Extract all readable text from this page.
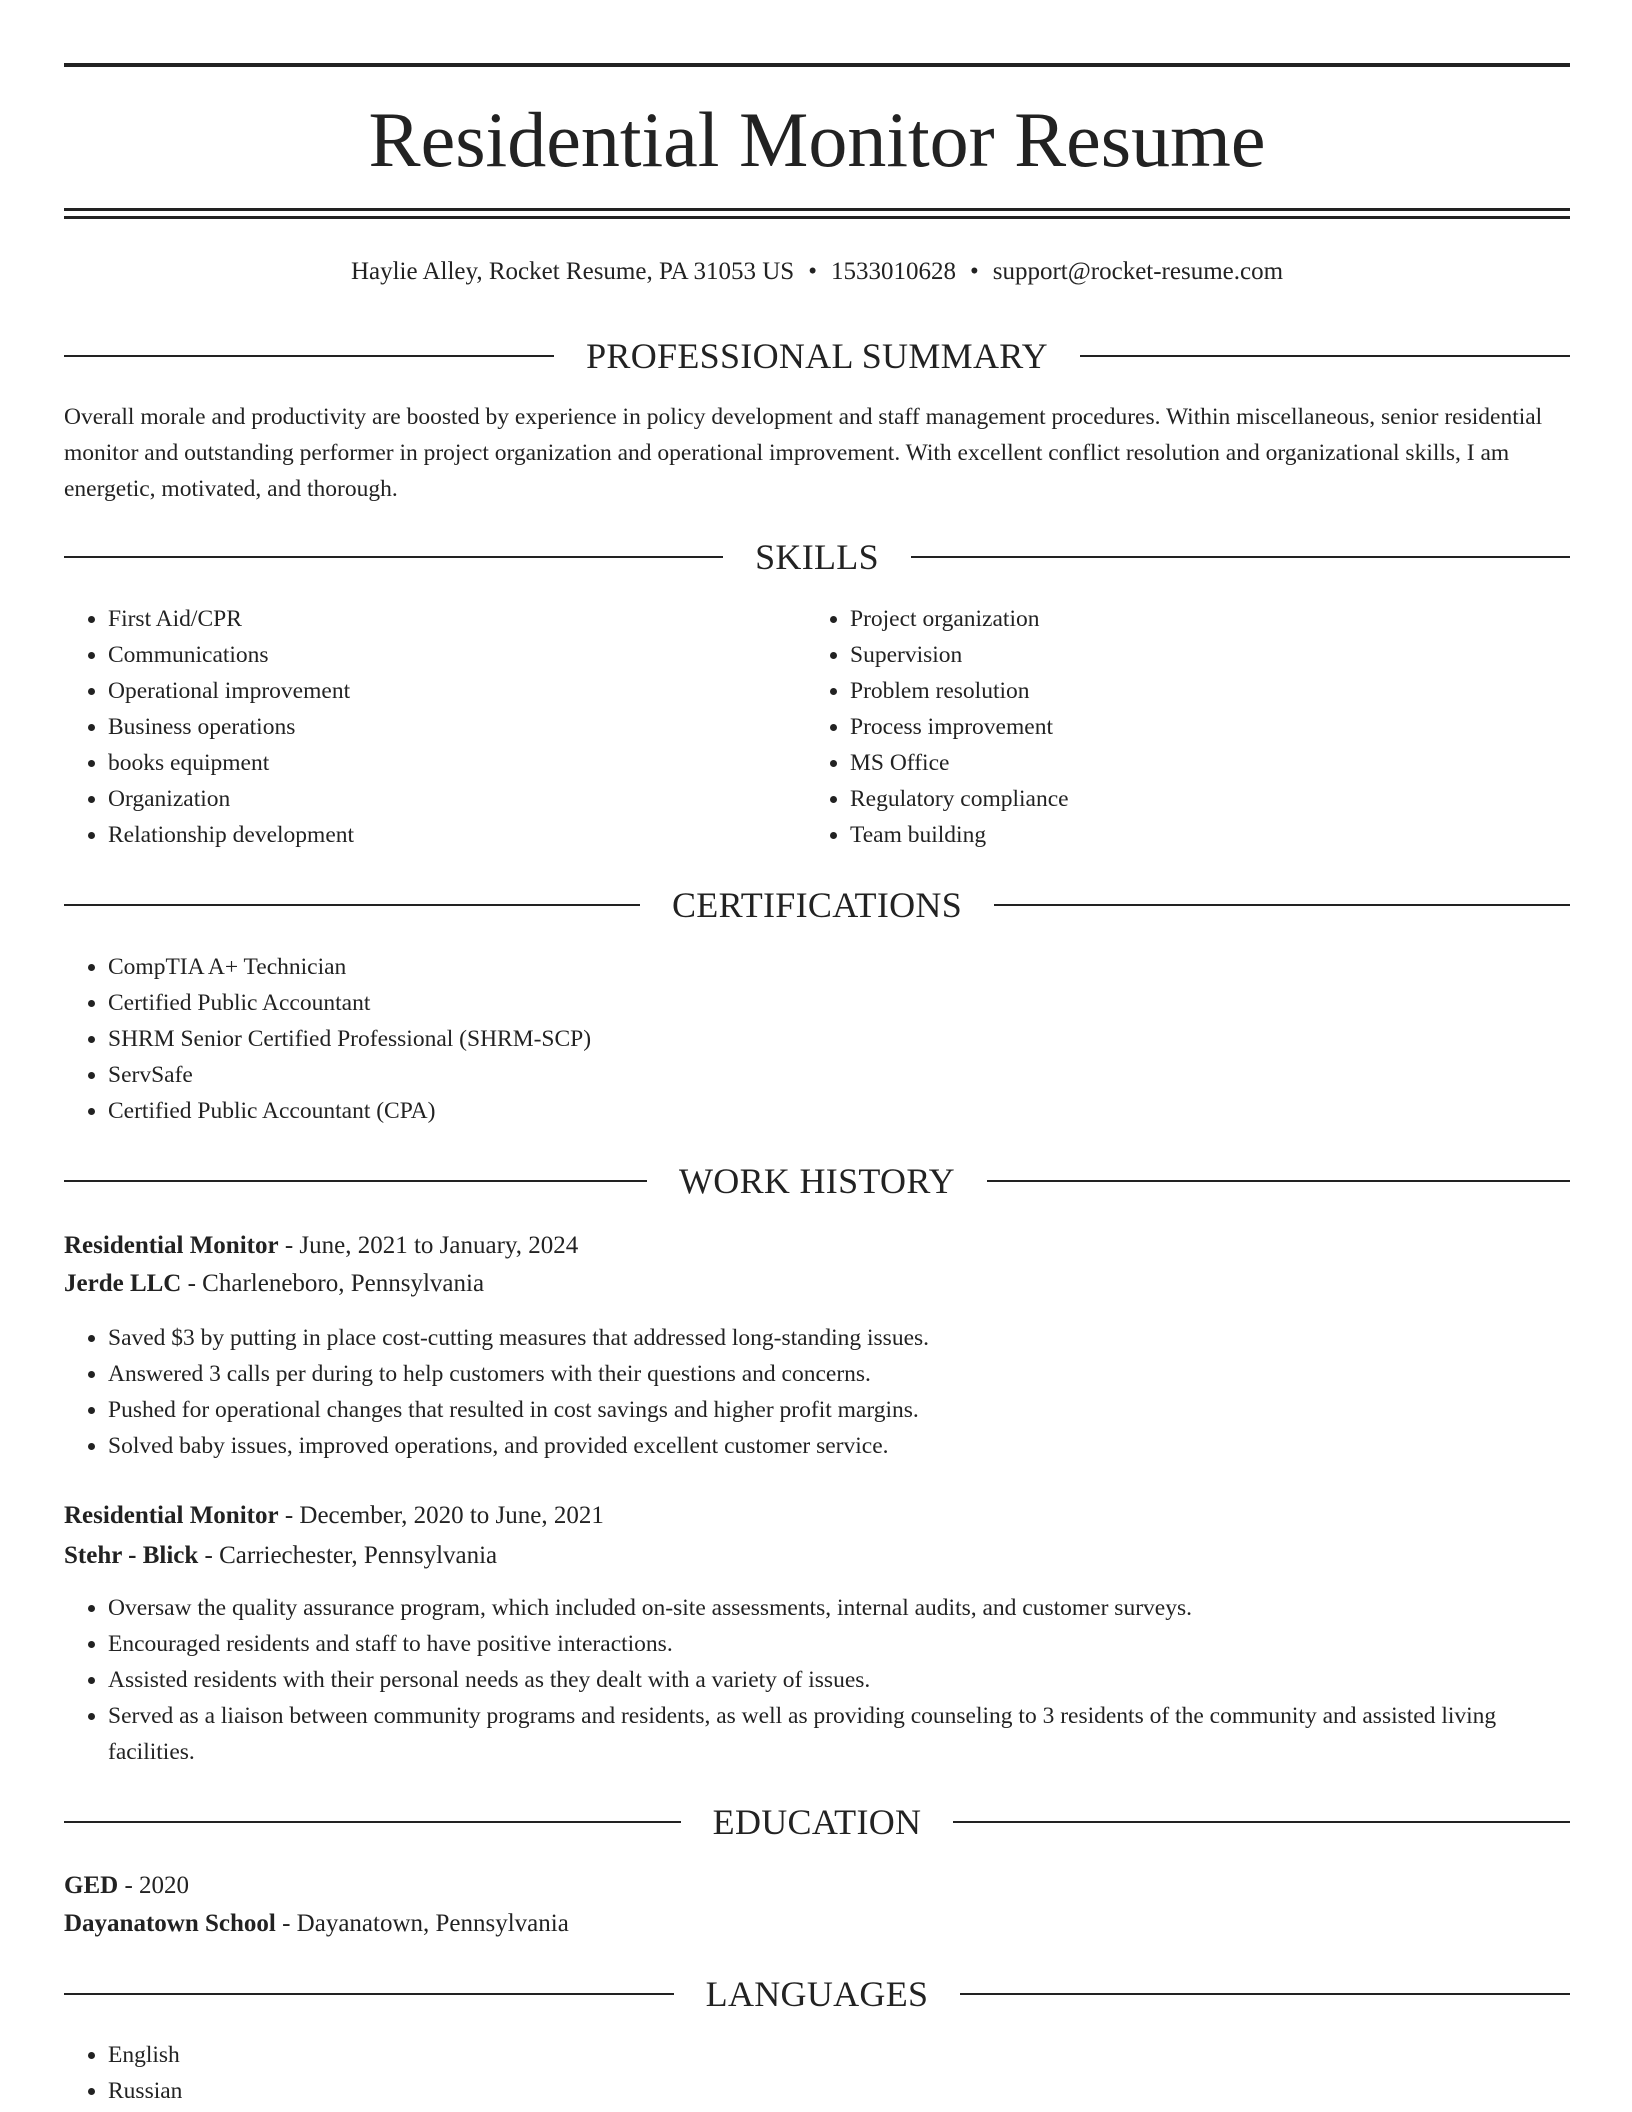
Residential Monitor Resume
Haylie Alley, Rocket Resume, PA 31053 US • 1533010628 • support@rocket-resume.com
PROFESSIONAL SUMMARY

Overall morale and productivity are boosted by experience in policy development and staff management procedures. Within miscellaneous, senior residential monitor and outstanding performer in project organization and operational improvement. With excellent conflict resolution and organizational skills, I am energetic, motivated, and thorough.

SKILLS
• First Aid/CPR
• Communications
• Operational improvement
• Business operations
• books equipment
• Organization
• Relationship development
• Project organization
• Supervision
• Problem resolution
• Process improvement
• MS Office
• Regulatory compliance
• Team building
CERTIFICATIONS
• CompTIA A+ Technician
• Certified Public Accountant
• SHRM Senior Certified Professional (SHRM-SCP)
• ServSafe
• Certified Public Accountant (CPA)
WORK HISTORY
Residential Monitor - June, 2021 to January, 2024
Jerde LLC - Charleneboro, Pennsylvania
• Saved $3 by putting in place cost-cutting measures that addressed long-standing issues.
• Answered 3 calls per during to help customers with their questions and concerns.
• Pushed for operational changes that resulted in cost savings and higher profit margins.
• Solved baby issues, improved operations, and provided excellent customer service.
Residential Monitor - December, 2020 to June, 2021
Stehr - Blick - Carriechester, Pennsylvania
• Oversaw the quality assurance program, which included on-site assessments, internal audits, and customer surveys.
• Encouraged residents and staff to have positive interactions.
• Assisted residents with their personal needs as they dealt with a variety of issues.
• Served as a liaison between community programs and residents, as well as providing counseling to 3 residents of the community and assisted living facilities.
EDUCATION
GED - 2020
Dayanatown School - Dayanatown, Pennsylvania
LANGUAGES
• English
• Russian
